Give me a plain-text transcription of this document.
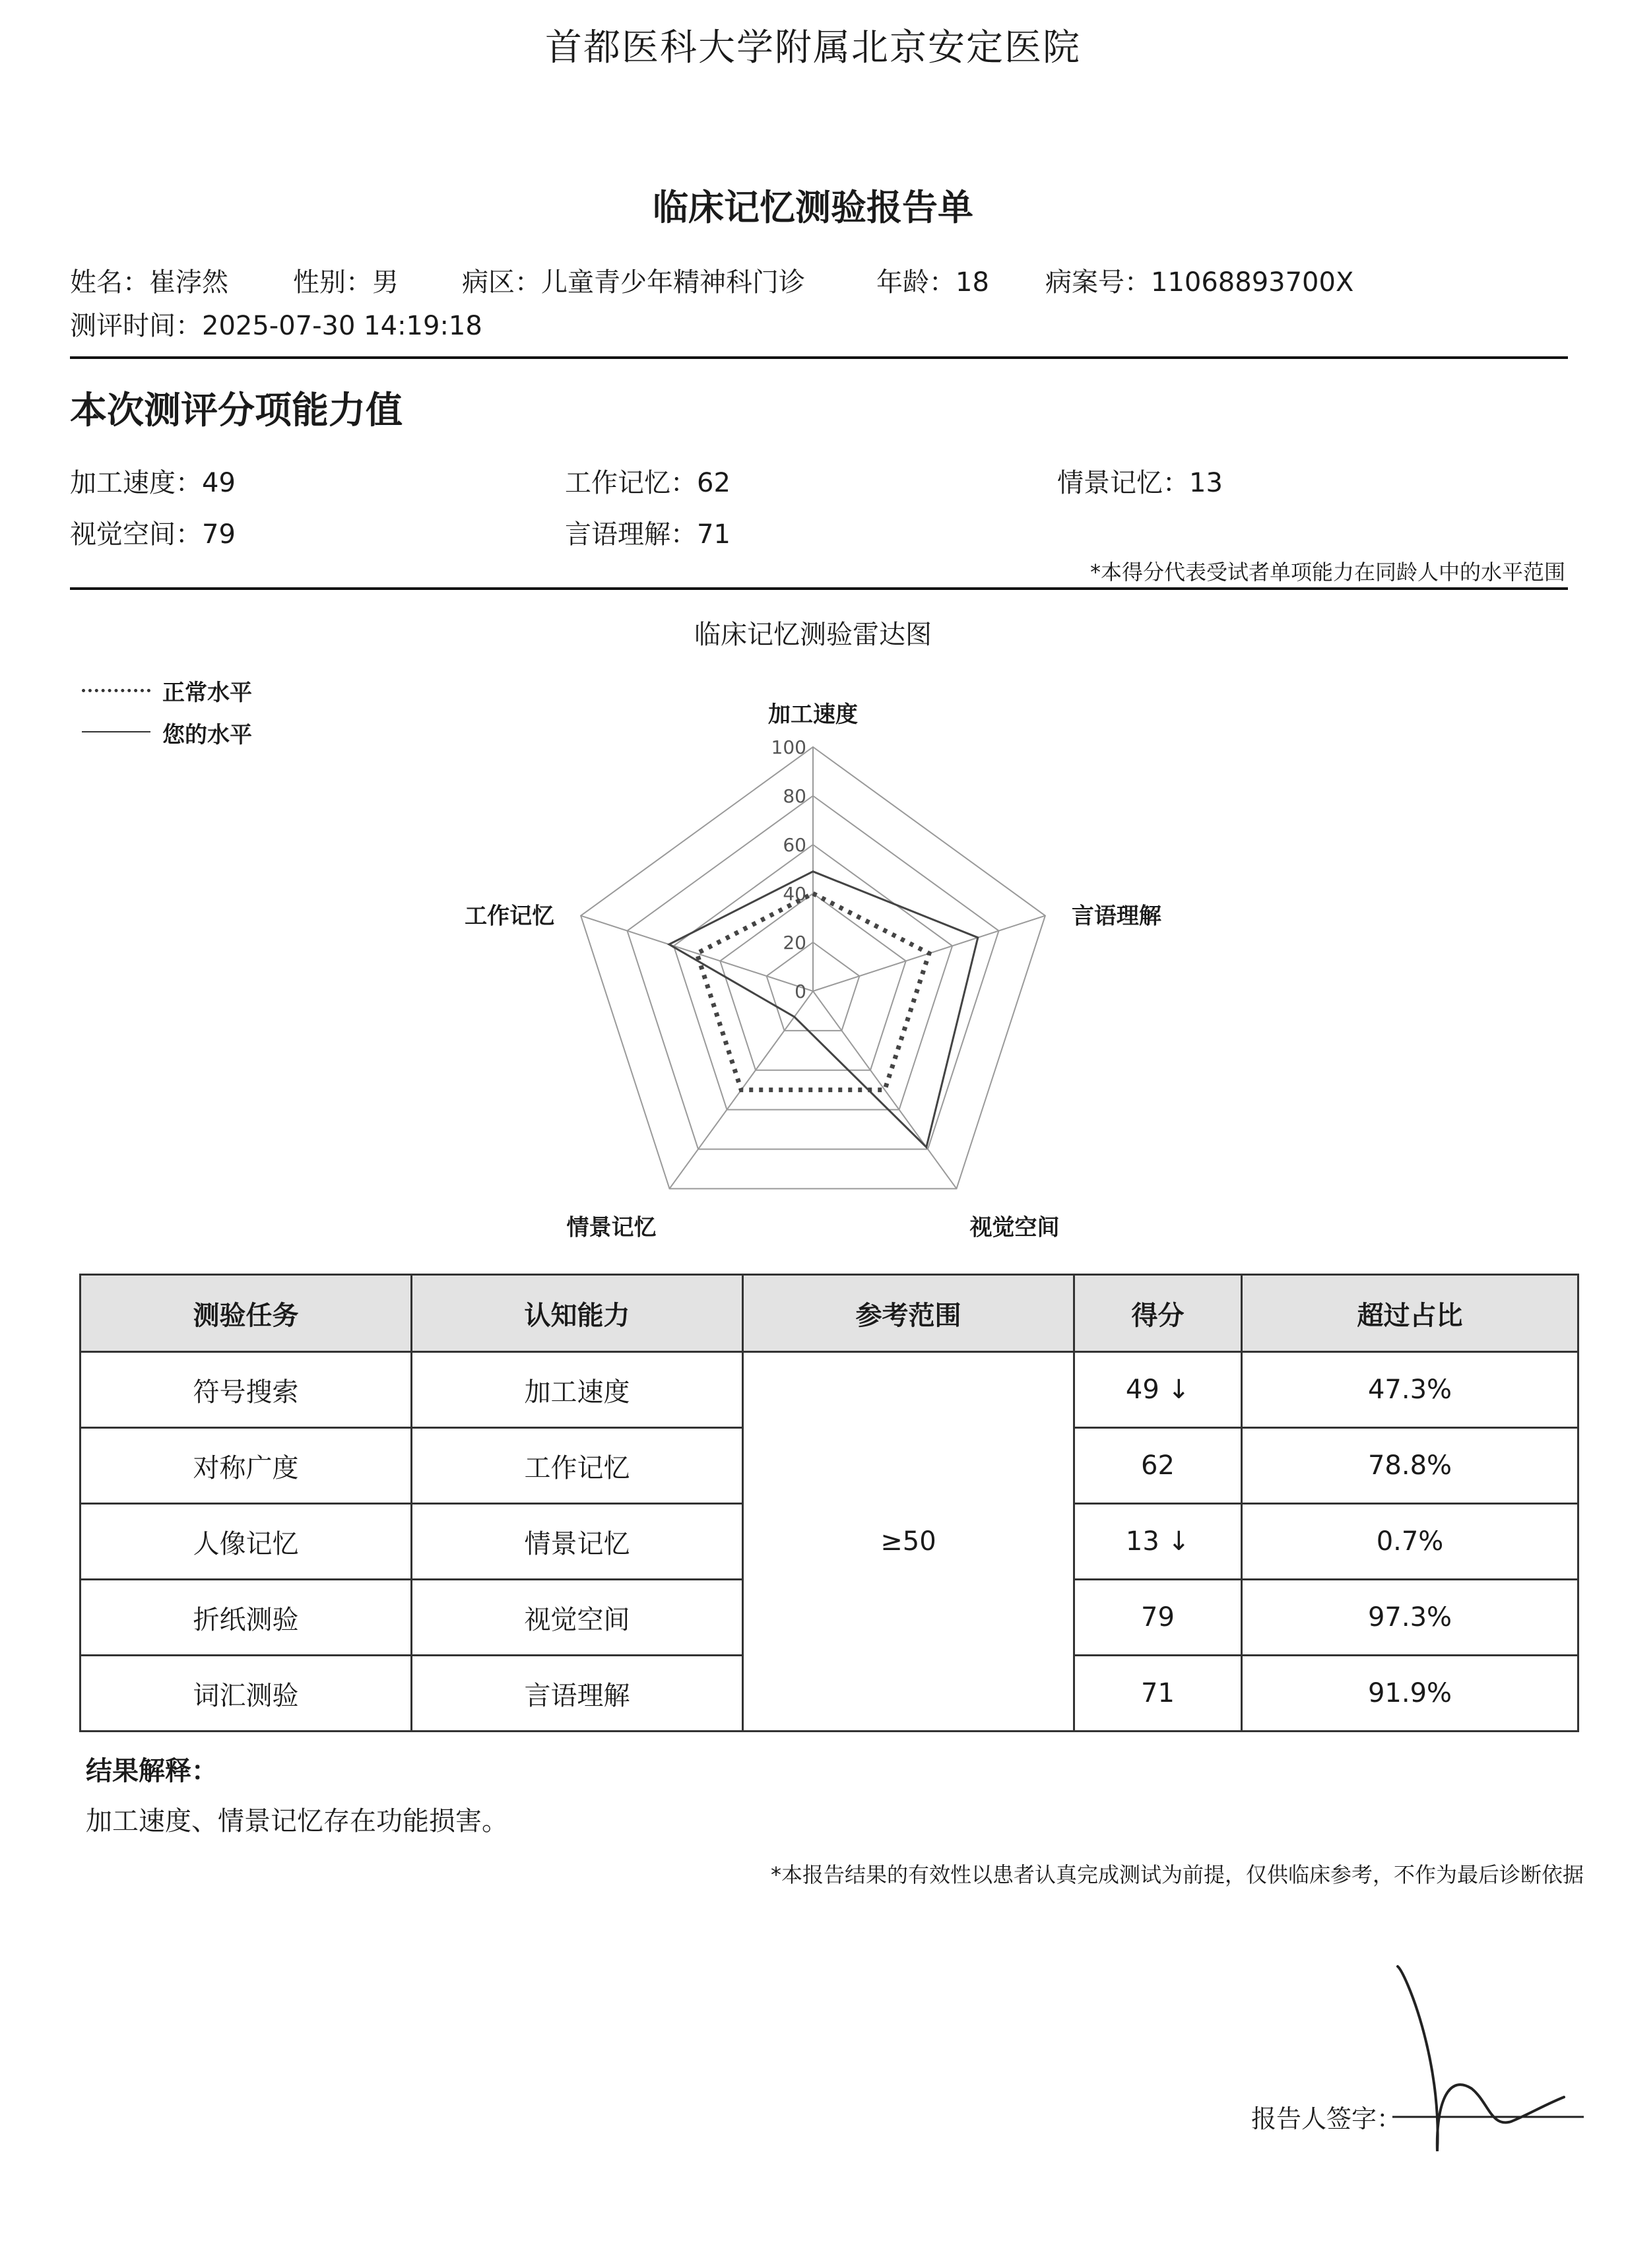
首都医科大学附属北京安定医院
临床记忆测验报告单
姓名：崔浡然 性别：男 病区：儿童青少年精神科门诊	年龄：18 病案号：11068893700X
测评时间：2025-07-30 14:19:18
本次测评分项能力值
加工速度：49	工作记忆：62	情景记忆：13
视觉空间：79	言语理解：71
*本得分代表受试者单项能力在同龄人中的水平范围
临床记忆测验雷达图
正常水平
您的水平
0
20
40
60
80
100
加工速度
言语理解
视觉空间
情景记忆
工作记忆
测验任务	认知能力	参考范围	得分	超过占比
符号搜索	加工速度	≥50	49 ↓	47.3%
对称广度	工作记忆		62	78.8%
人像记忆	情景记忆		13 ↓	0.7%
折纸测验	视觉空间		79	97.3%
词汇测验	言语理解		71	91.9%
结果解释：
加工速度、情景记忆存在功能损害。
*本报告结果的有效性以患者认真完成测试为前提，仅供临床参考，不作为最后诊断依据
报告人签字：
